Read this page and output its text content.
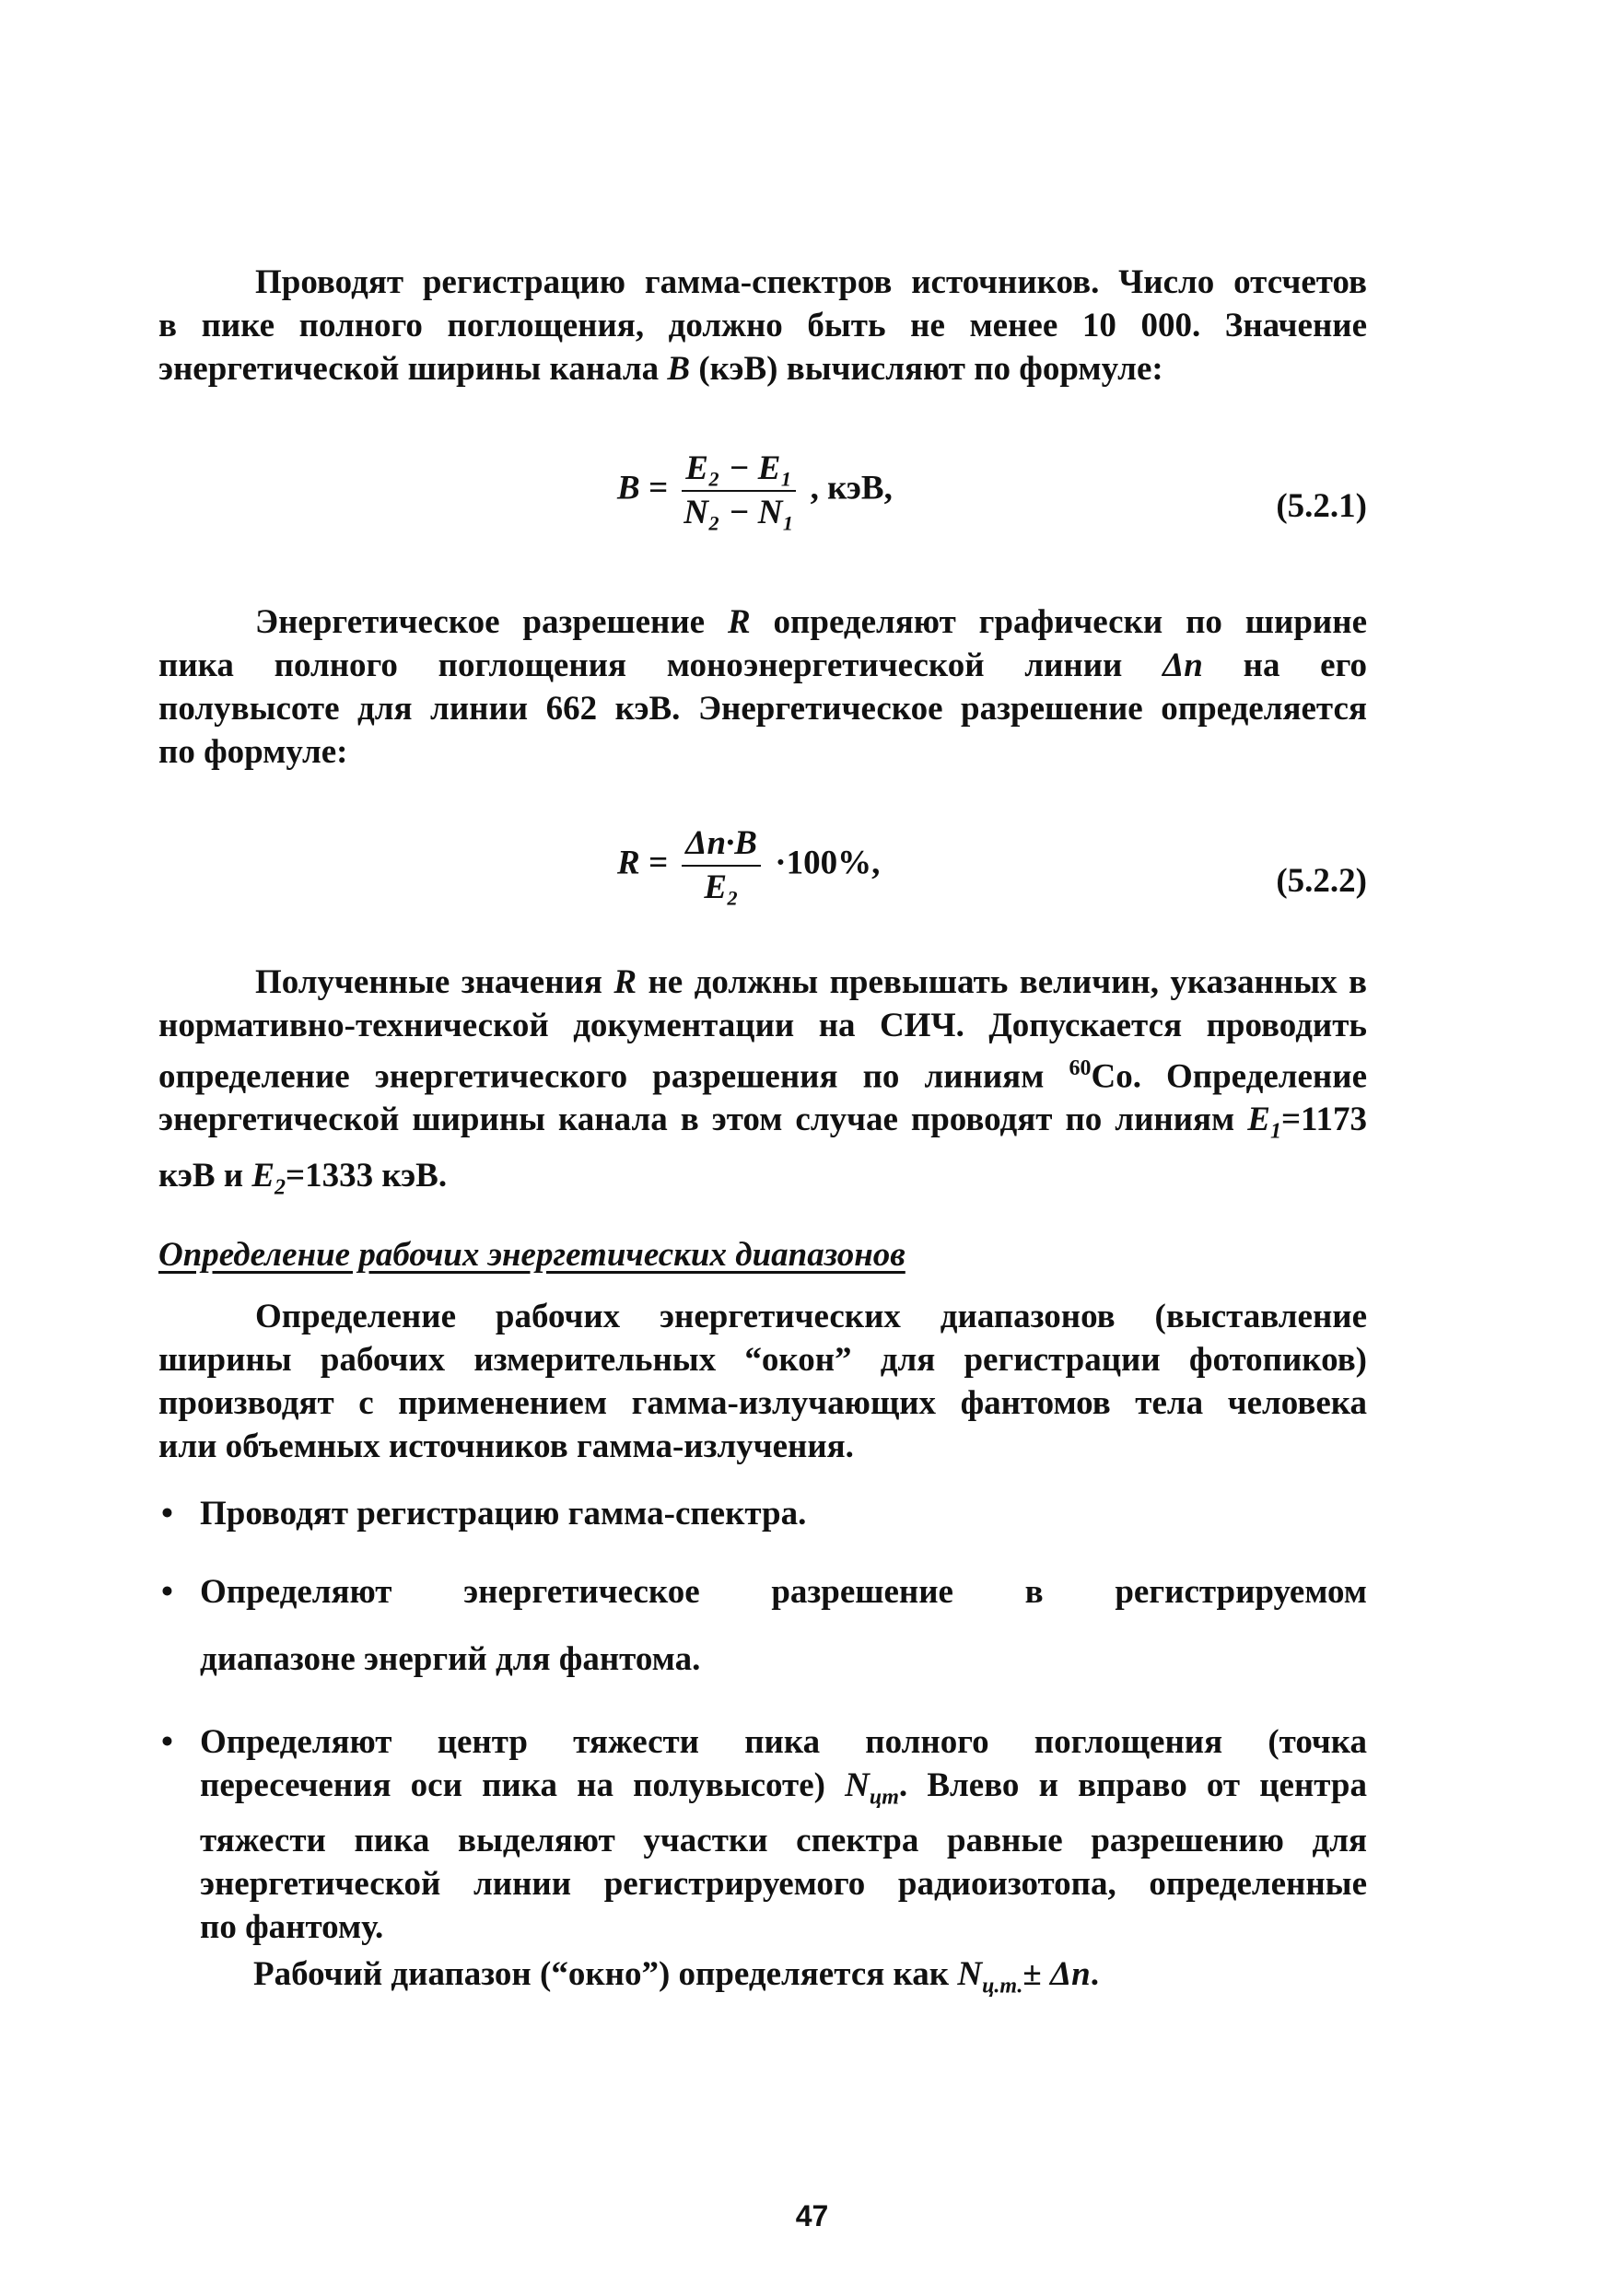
Проводят регистрацию гамма-спектров источников. Число отсчетов
в пике полного поглощения, должно быть не менее 10 000. Значение
энергетической ширины канала B (кэВ) вычисляют по формуле:
$B = \frac{\text{E₂ − E₁}}{\text{N₂ − N₁}}$ , кэВ,	(5.2.1)
Энергетическое разрешение R определяют графически по ширине
пика полного поглощения моноэнергетической линии Δn на его
полувысоте для линии 662 кэВ. Энергетическое разрешение определяется
по формуле:
$R = \frac{\Delta n\cdot B}{\text{E₂}} \cdot 100\%$,	(5.2.2)
Полученные значения R не должны превышать величин, указанных в
нормативно-технической документации на СИЧ. Допускается проводить
определение энергетического разрешения по линиям $^{60}$Co. Определение
энергетической ширины канала в этом случае проводят по линиям $E_1=1173$
кэВ и $E_2=1333$ кэВ.
Определение рабочих энергетических диапазонов
Определение рабочих энергетических диапазонов (выставление
ширины рабочих измерительных “окон” для регистрации фотопиков)
производят с применением гамма-излучающих фантомов тела человека
или объемных источников гамма-излучения.
• Проводят регистрацию гамма-спектра.
• Определяют энергетическое разрешение в регистрируемом
диапазоне энергий для фантома.
• Определяют центр тяжести пика полного поглощения (точка
пересечения оси пика на полувысоте) $N_{цт}$. Влево и вправо от центра
тяжести пика выделяют участки спектра равные разрешению для
энергетической линии регистрируемого радиоизотопа, определенные
по фантому.
Рабочий диапазон (“окно”) определяется как $N_{ц.т.}\pm \Delta n$.
47
